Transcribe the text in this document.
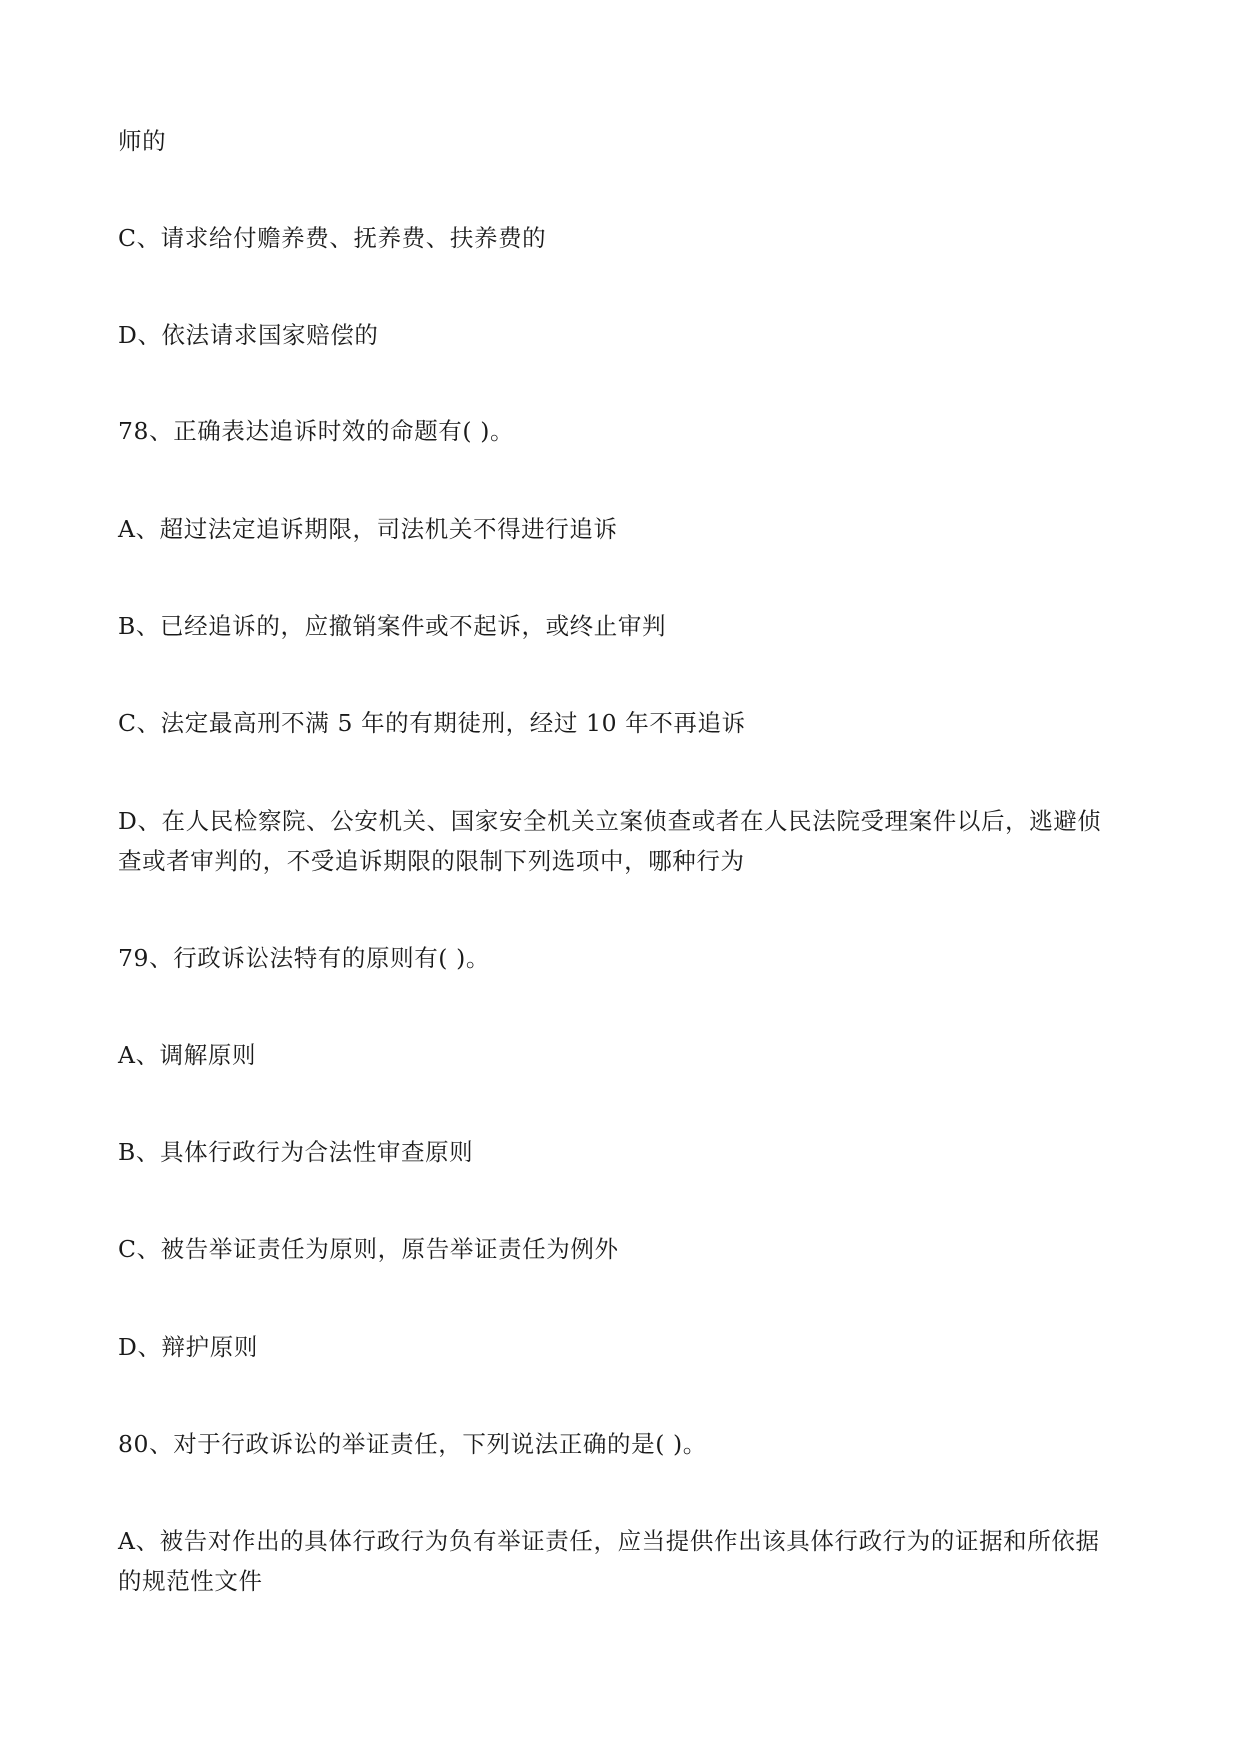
师的
C、请求给付赡养费、抚养费、扶养费的
D、依法请求国家赔偿的
78、正确表达追诉时效的命题有( )。
A、超过法定追诉期限，司法机关不得进行追诉
B、已经追诉的，应撤销案件或不起诉，或终止审判
C、法定最高刑不满 5 年的有期徒刑，经过 10 年不再追诉
D、在人民检察院、公安机关、国家安全机关立案侦查或者在人民法院受理案件以后，逃避侦
查或者审判的，不受追诉期限的限制下列选项中，哪种行为
79、行政诉讼法特有的原则有( )。
A、调解原则
B、具体行政行为合法性审查原则
C、被告举证责任为原则，原告举证责任为例外
D、辩护原则
80、对于行政诉讼的举证责任，下列说法正确的是( )。
A、被告对作出的具体行政行为负有举证责任，应当提供作出该具体行政行为的证据和所依据
的规范性文件
